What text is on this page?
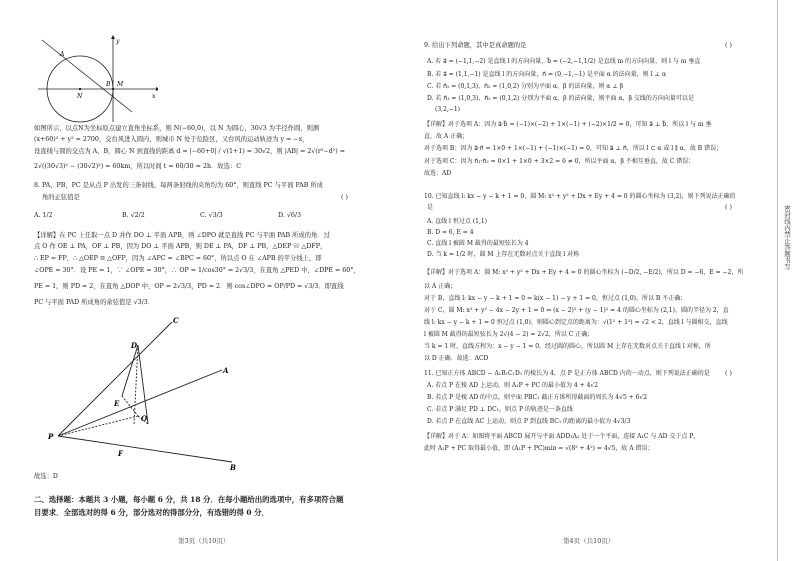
y
A
B M
N	x
如图所示，以点N为坐标原点建立直角坐标系，则 N(−60,0)，以 N 为圆心，30√3 为半径作圆，则测
(x+60)² + y² = 2700，交台风进入圆内，则城市 N 处于危险区，又台风的运动轨迹为 y = −x，
设直线与圆的交点为 A，B，圆心 N 到直线的距离 d = |−60+0| / √(1+1) = 30√2，则 |AB| = 2√(r²−d²) =
2√((30√3)² − (30√2)²) = 60km，所以时间 t = 60/30 = 2h．故选：C
8. PA，PB，PC 是从点 P 出发的三条射线，每两条射线的夹角均为 60°，则直线 PC 与平面 PAB 所成
角的正弦值是	( )
A. 1/2	B. √2/2	C. √3/3	D. √6/3
【详解】在 PC 上任取一点 D 并作 DO ⊥ 平面 APB，则 ∠DPO 就是直线 PC 与平面 PAB 所成的角．过
点 O 作 OE ⊥ PA，OF ⊥ PB，因为 DO ⊥ 平面 APB，则 DE ⊥ PA，DF ⊥ PB，△DEP ≌ △DFP，
∴ EP = FP，∴ △OEP ≌ △OFP，因为 ∠APC = ∠BPC = 60°，所以点 O 在 ∠APB 的平分线上，即
∠OPE = 30°．设 PE = 1，∵ ∠OPE = 30°，∴ OP = 1/cos30° = 2√3/3，在直角 △PED 中，∠DPE = 60°，
PE = 1，则 PD = 2，在直角 △DOP 中，OP = 2√3/3，PD = 2．则 cos∠DPO = OP/PD = √3/3．即直线
PC 与平面 PAD 所成角的余弦值是 √3/3．
C
D
A
E
O
P
F
B
故选：D
二、选择题：本题共 3 小题，每小题 6 分，共 18 分．在每小题给出的选项中，有多项符合题
目要求．全部选对的得 6 分，部分选对的得部分分，有选错的得 0 分．
第3页（共10页）
9. 给出下列命题，其中是真命题的是	( )
A. 若 a⃗ = (−1,1,−2) 是直线 l 的方向向量，b⃗ = (−2,−1,1/2) 是直线 m 的方向向量，则 l 与 m 垂直
B. 若 a⃗ = (1,1,−1) 是直线 l 的方向向量，n⃗ = (0,−1,−1) 是平面 α 的法向量，则 l ⊥ α
C. 若 n⃗₁ = (0,1,3)，n⃗₂ = (1,0,2) 分别为平面 α，β 的法向量，则 α ⊥ β
D. 若 n⃗₁ = (1,0,3)，n⃗₂ = (0,1,2) 分别为平面 α，β 的法向量，则平面 α，β 交线的方向向量可以是
(3,2,−1)
【详解】对于选项 A：因为 a⃗·b⃗ = (−1)×(−2) + 1×(−1) + (−2)×1/2 = 0，可知 a⃗ ⊥ b⃗，所以 l 与 m 垂
直，故 A 正确；
对于选项 B：因为 a⃗·n⃗ = 1×0 + 1×(−1) + (−1)×(−1) = 0，可知 a⃗ ⊥ n⃗，所以 l ⊂ α 或 l ∥ α，故 B 错误；
对于选项 C：因为 n⃗₁·n⃗₂ = 0×1 + 1×0 + 3×2 = 6 ≠ 0，所以平面 α，β 不相互垂直，故 C 错误；
故选：AD
10. 已知直线 l: kx − y − k + 1 = 0，圆 M: x² + y² + Dx + Ey + 4 = 0 的圆心坐标为 (3,2)，则下列说法正确的
是	( )
A. 直线 l 恒过点 (1,1)
B. D = 6, E = 4
C. 直线 l 被圆 M 截得的最短弦长为 4
D. 当 k = 1/2 时，圆 M 上存在无数对点关于直线 l 对称
【详解】对于选项 A：圆 M: x² + y² + Dx + Ey + 4 = 0 的圆心坐标为 (−D/2, −E/2)，所以 D = −6，E = −2，所
以 A 正确；
对于 B，直线 l: kx − y − k + 1 = 0 ⇔ k(x − 1) − y + 1 = 0，恒过点 (1,0)，所以 B 不正确；
对于 C，圆 M: x² + y² − 4x − 2y + 1 = 0 ⇔ (x − 2)² + (y − 1)² = 4 的圆心坐标为 (2,1)，圆的半径为 2，直
线 l: kx − y − k + 1 = 0 恒过点 (1,0)，则圆心到定点的距离为：√(1² + 1²) = √2 < 2，直线 l 与圆相交，直线
l 被圆 M 截得的最短弦长为 2√(4 − 2) = 2√2，所以 C 正确；
当 k = 1 时，直线方程为：x − y − 1 = 0，经过圆的圆心，所以圆 M 上存在无数对点关于直线 l 对称，所
以 D 正确．故选：ACD
11. 已知正方体 ABCD − A₁B₁C₁D₁ 的棱长为 4，点 P 是正方体 ABCD 内的一动点，则下列说法正确的是 ( )
A. 若点 P 在棱 AD 上运动，则 A₁P + PC 的最小值为 4 + 4√2
B. 若点 P 是棱 AD 的中点，则平面 PBC₁ 截正方体所得截面的周长为 4√5 + 6√2
C. 若点 P 满足 PD ⊥ DC₁，则点 P 的轨迹是一条直线
D. 若点 P 在直线 AC 上运动，则点 P 到直线 BC₁ 的距离的最小值为 4√3/3
【详解】对于 A：如图将平面 ABCD 展开与平面 ADD₁A₁ 处于一个平面，连接 A₁C 与 AD 交于点 P，
此时 A₁P + PC 取得最小值，即 (A₁P + PC)min = √(8² + 4²) = 4√5，故 A 错误；
第4页（共10页）
密封线内禁止答题书写
